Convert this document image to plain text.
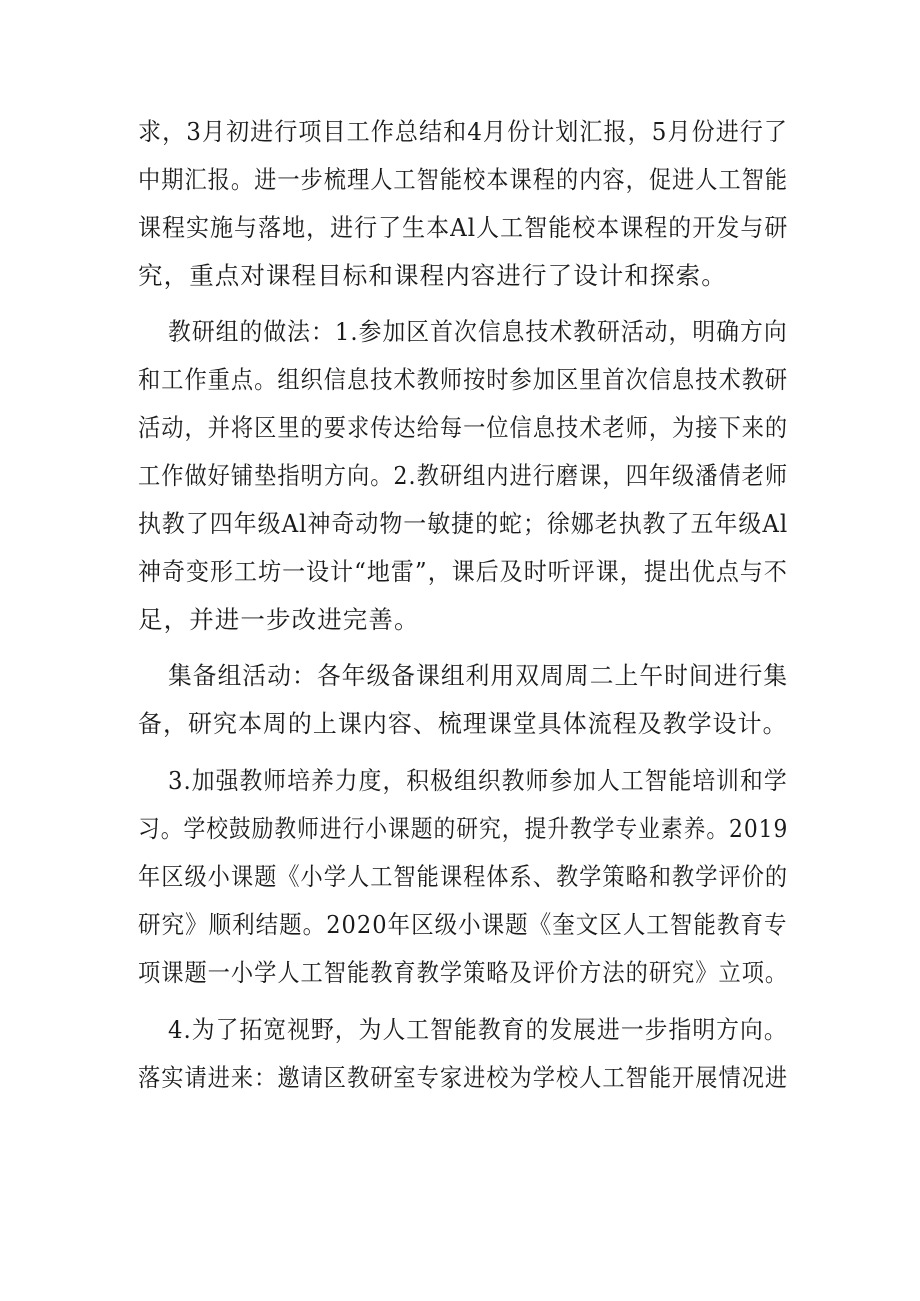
求，3月初进行项目工作总结和4月份计划汇报，5月份进行了
中期汇报。进一步梳理人工智能校本课程的内容，促进人工智能
课程实施与落地，进行了生本Al人工智能校本课程的开发与研
究，重点对课程目标和课程内容进行了设计和探索。
教研组的做法：1.参加区首次信息技术教研活动，明确方向
和工作重点。组织信息技术教师按时参加区里首次信息技术教研
活动，并将区里的要求传达给每一位信息技术老师，为接下来的
工作做好铺垫指明方向。2.教研组内进行磨课，四年级潘倩老师
执教了四年级Al神奇动物一敏捷的蛇；徐娜老执教了五年级Al
神奇变形工坊一设计“地雷”，课后及时听评课，提出优点与不
足，并进一步改进完善。
集备组活动：各年级备课组利用双周周二上午时间进行集
备，研究本周的上课内容、梳理课堂具体流程及教学设计。
3.加强教师培养力度，积极组织教师参加人工智能培训和学
习。学校鼓励教师进行小课题的研究，提升教学专业素养。2019
年区级小课题《小学人工智能课程体系、教学策略和教学评价的
研究》顺利结题。2020年区级小课题《奎文区人工智能教育专
项课题一小学人工智能教育教学策略及评价方法的研究》立项。
4.为了拓宽视野，为人工智能教育的发展进一步指明方向。
落实请进来：邀请区教研室专家进校为学校人工智能开展情况进
